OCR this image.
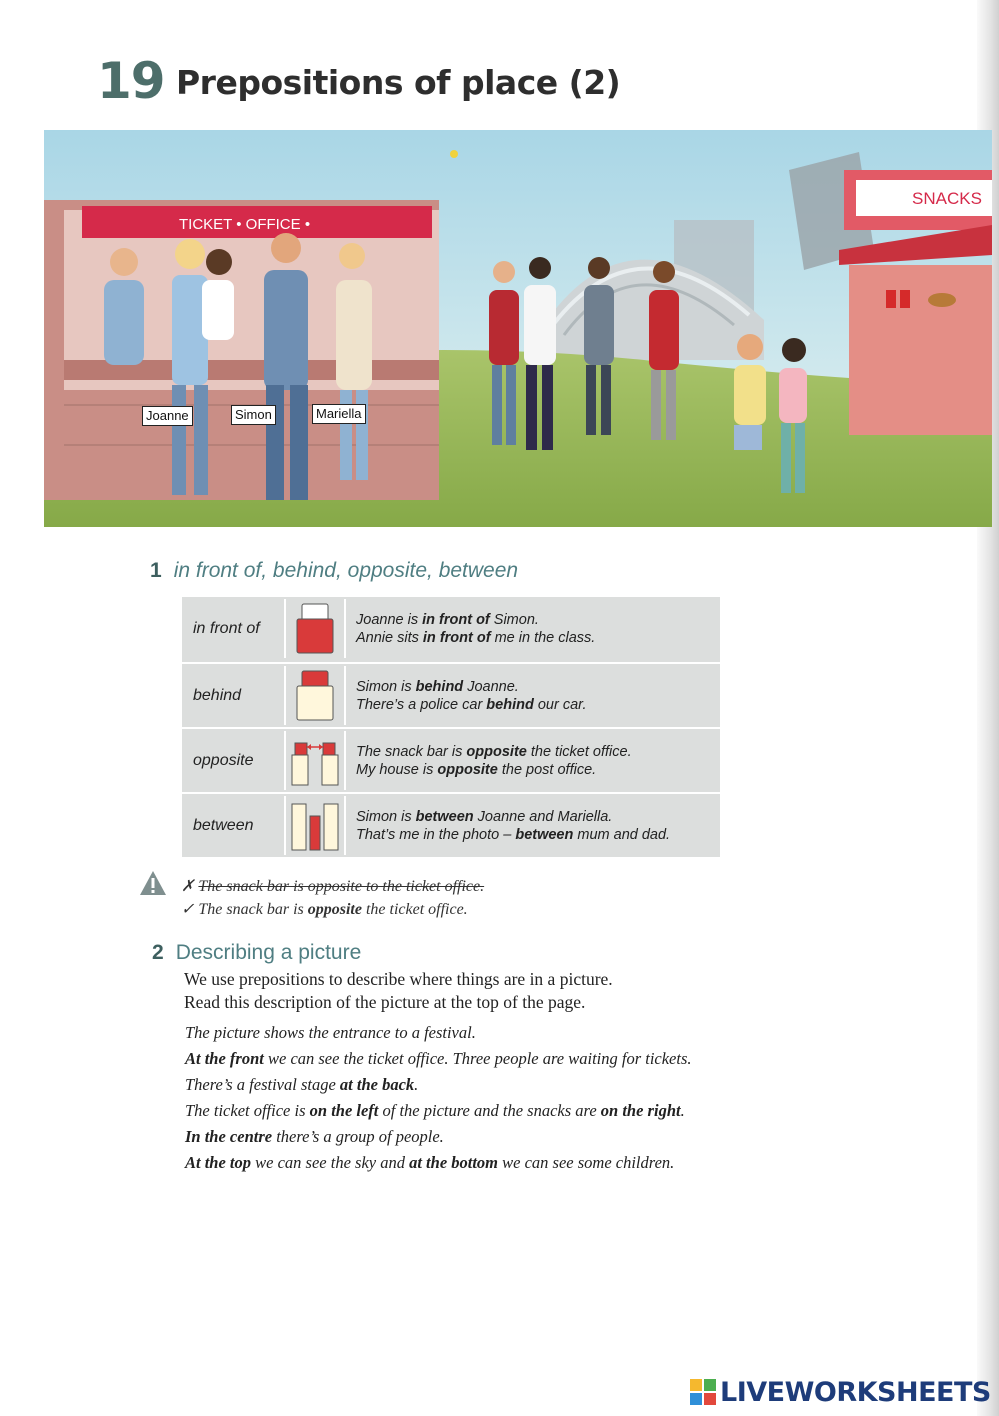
19 Prepositions of place (2)
TICKET • OFFICE •
SNACKS
Joanne	Simon	Mariella
1 in front of, behind, opposite, between
in front of	Joanne is in front of Simon.
Annie sits in front of me in the class.
behind	Simon is behind Joanne.
There’s a police car behind our car.
opposite	The snack bar is opposite the ticket office.
My house is opposite the post office.
between	Simon is between Joanne and Mariella.
That’s me in the photo – between mum and dad.
✗ The snack bar is opposite to the ticket office.
✓ The snack bar is opposite the ticket office.
2 Describing a picture
We use prepositions to describe where things are in a picture.
Read this description of the picture at the top of the page.
The picture shows the entrance to a festival.
At the front we can see the ticket office. Three people are waiting for tickets.
There’s a festival stage at the back.
The ticket office is on the left of the picture and the snacks are on the right.
In the centre there’s a group of people.
At the top we can see the sky and at the bottom we can see some children.
LIVEWORKSHEETS
